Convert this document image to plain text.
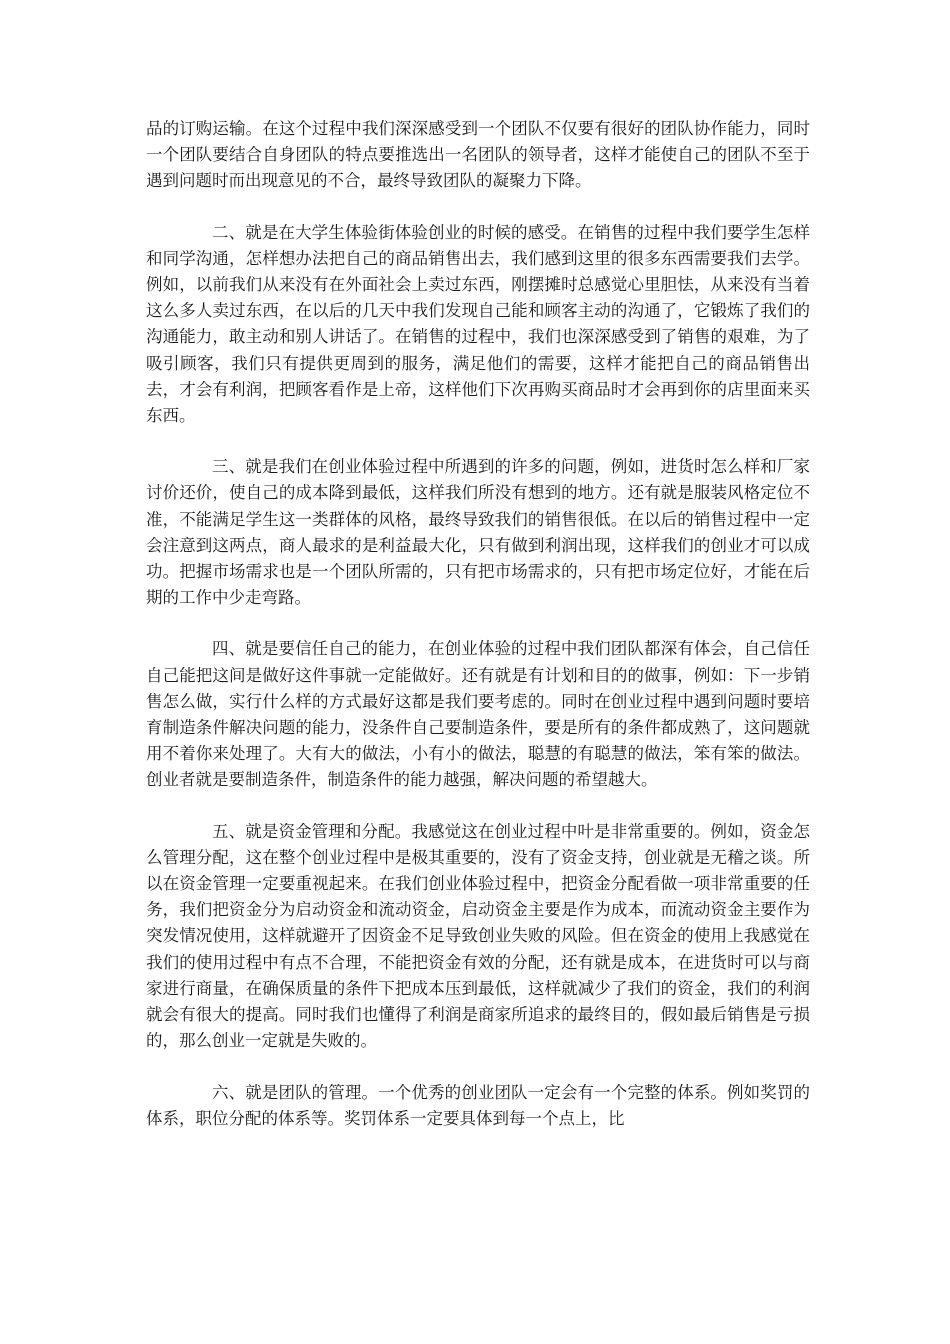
品的订购运输。在这个过程中我们深深感受到一个团队不仅要有很好的团队协作能力，同时一个团队要结合自身团队的特点要推选出一名团队的领导者，这样才能使自己的团队不至于遇到问题时而出现意见的不合，最终导致团队的凝聚力下降。

二、就是在大学生体验街体验创业的时候的感受。在销售的过程中我们要学生怎样和同学沟通，怎样想办法把自己的商品销售出去，我们感到这里的很多东西需要我们去学。例如，以前我们从来没有在外面社会上卖过东西，刚摆摊时总感觉心里胆怯，从来没有当着这么多人卖过东西，在以后的几天中我们发现自己能和顾客主动的沟通了，它锻炼了我们的沟通能力，敢主动和别人讲话了。在销售的过程中，我们也深深感受到了销售的艰难，为了吸引顾客，我们只有提供更周到的服务，满足他们的需要，这样才能把自己的商品销售出去，才会有利润，把顾客看作是上帝，这样他们下次再购买商品时才会再到你的店里面来买东西。

三、就是我们在创业体验过程中所遇到的许多的问题，例如，进货时怎么样和厂家讨价还价，使自己的成本降到最低，这样我们所没有想到的地方。还有就是服装风格定位不准，不能满足学生这一类群体的风格，最终导致我们的销售很低。在以后的销售过程中一定会注意到这两点，商人最求的是利益最大化，只有做到利润出现，这样我们的创业才可以成功。把握市场需求也是一个团队所需的，只有把市场需求的，只有把市场定位好，才能在后期的工作中少走弯路。

四、就是要信任自己的能力，在创业体验的过程中我们团队都深有体会，自己信任自己能把这间是做好这件事就一定能做好。还有就是有计划和目的的做事，例如：下一步销售怎么做，实行什么样的方式最好这都是我们要考虑的。同时在创业过程中遇到问题时要培育制造条件解决问题的能力，没条件自己要制造条件，要是所有的条件都成熟了，这问题就用不着你来处理了。大有大的做法，小有小的做法，聪慧的有聪慧的做法，笨有笨的做法。创业者就是要制造条件，制造条件的能力越强，解决问题的希望越大。

五、就是资金管理和分配。我感觉这在创业过程中叶是非常重要的。例如，资金怎么管理分配，这在整个创业过程中是极其重要的，没有了资金支持，创业就是无稽之谈。所以在资金管理一定要重视起来。在我们创业体验过程中，把资金分配看做一项非常重要的任务，我们把资金分为启动资金和流动资金，启动资金主要是作为成本，而流动资金主要作为突发情况使用，这样就避开了因资金不足导致创业失败的风险。但在资金的使用上我感觉在我们的使用过程中有点不合理，不能把资金有效的分配，还有就是成本，在进货时可以与商家进行商量，在确保质量的条件下把成本压到最低，这样就减少了我们的资金，我们的利润就会有很大的提高。同时我们也懂得了利润是商家所追求的最终目的，假如最后销售是亏损的，那么创业一定就是失败的。

六、就是团队的管理。一个优秀的创业团队一定会有一个完整的体系。例如奖罚的体系，职位分配的体系等。奖罚体系一定要具体到每一个点上，比
